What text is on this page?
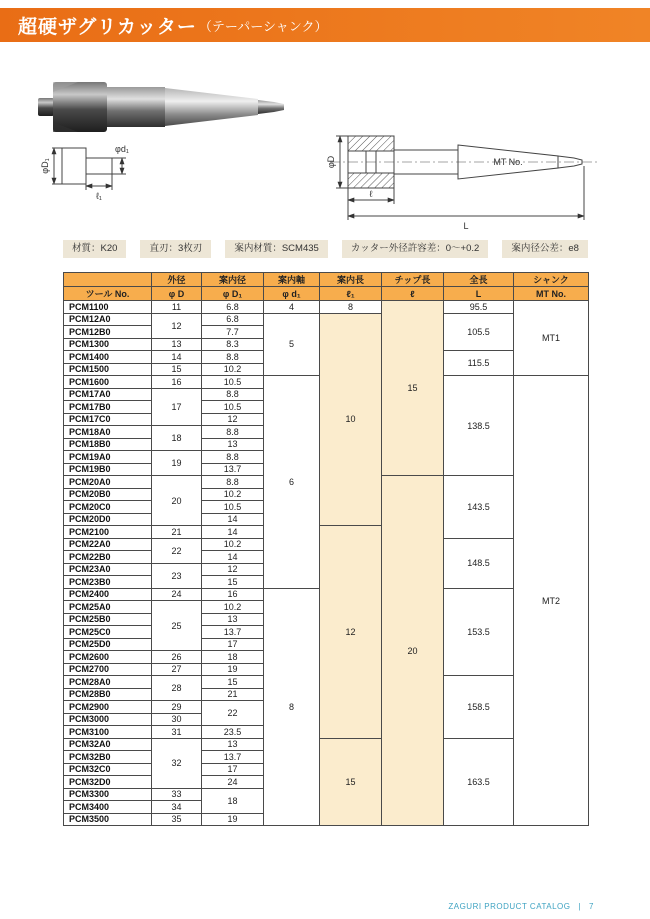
超硬ザグリカッター （テーパーシャンク）
φD₁
φd₁
ℓ₁
φD	MT No.
ℓ
L
材質：K20	直刃：3枚刃	案内材質：SCM435	カッター外径許容差：0～+0.2	案内径公差：e8
	外径	案内径	案内軸	案内長	チップ長	全長	シャンク
ツール No.	φ D	φ D₁	φ d₁	ℓ₁	ℓ	L	MT No.
PCM1100	11	6.8	4	8	15	95.5	MT1
PCM12A0	12	6.8	5	10		105.5	
PCM12B0		7.7					
PCM1300	13	8.3					
PCM1400	14	8.8				115.5	
PCM1500	15	10.2					
PCM1600	16	10.5	6			138.5	MT2
PCM17A0	17	8.8					
PCM17B0		10.5					
PCM17C0		12					
PCM18A0	18	8.8					
PCM18B0		13					
PCM19A0	19	8.8					
PCM19B0		13.7					
PCM20A0	20	8.8			20	143.5	
PCM20B0		10.2					
PCM20C0		10.5					
PCM20D0		14					
PCM2100	21	14		12			
PCM22A0	22	10.2				148.5	
PCM22B0		14					
PCM23A0	23	12					
PCM23B0		15					
PCM2400	24	16	8			153.5	
PCM25A0	25	10.2					
PCM25B0		13					
PCM25C0		13.7					
PCM25D0		17					
PCM2600	26	18					
PCM2700	27	19					
PCM28A0	28	15				158.5	
PCM28B0		21					
PCM2900	29	22					
PCM3000	30						
PCM3100	31	23.5					
PCM32A0	32	13		15		163.5	
PCM32B0		13.7					
PCM32C0		17					
PCM32D0		24					
PCM3300	33	18					
PCM3400	34						
PCM3500	35	19					
ZAGURI PRODUCT CATALOG | 7
